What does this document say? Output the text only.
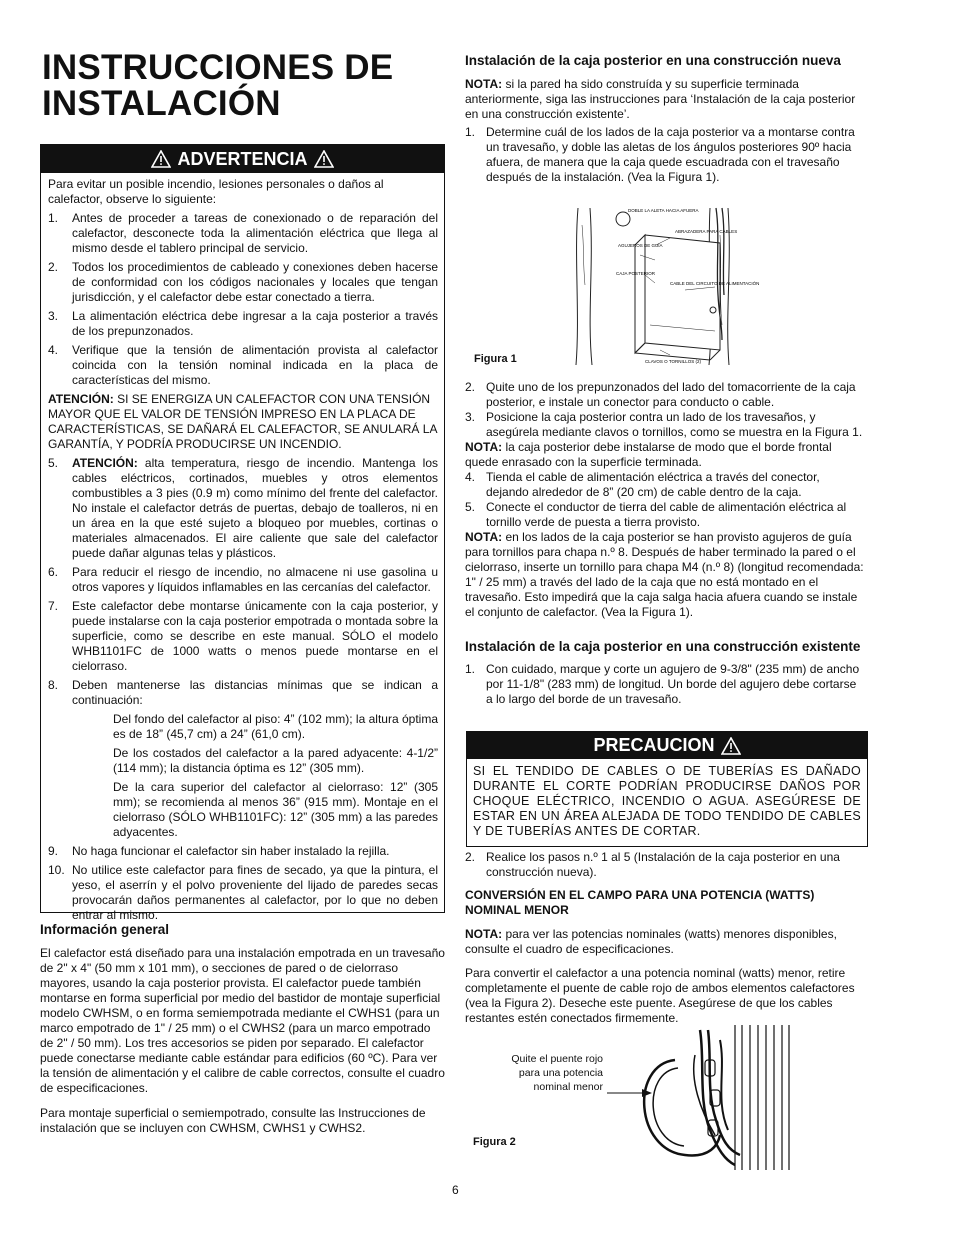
INSTRUCCIONES DE INSTALACIÓN
ADVERTENCIA

Para evitar un posible incendio, lesiones personales o daños al calefactor, observe lo siguiente:

1.	Antes de proceder a tareas de conexionado o de reparación del calefactor, desconecte toda la alimentación eléctrica que llega al mismo desde el tablero principal de servicio.
2.	Todos los procedimientos de cableado y conexiones deben hacerse de conformidad con los códigos nacionales y locales que tengan jurisdicción, y el calefactor debe estar conectado a tierra.
3.	La alimentación eléctrica debe ingresar a la caja posterior a través de los prepunzonados.
4.	Verifique que la tensión de alimentación provista al calefactor coincida con la tensión nominal indicada en la placa de características del mismo.

ATENCIÓN: SI SE ENERGIZA UN CALEFACTOR CON UNA TENSIÓN MAYOR QUE EL VALOR DE TENSIÓN IMPRESO EN LA PLACA DE CARACTERÍSTICAS, SE DAÑARÁ EL CALEFACTOR, SE ANULARÁ LA GARANTÍA, Y PODRÍA PRODUCIRSE UN INCENDIO.

5.	ATENCIÓN: alta temperatura, riesgo de incendio. Mantenga los cables eléctricos, cortinados, muebles y otros elementos combustibles a 3 pies (0.9 m) como mínimo del frente del calefactor. No instale el calefactor detrás de puertas, debajo de toalleros, ni en un área en la que esté sujeto a bloqueo por muebles, cortinas o materiales almacenados. El aire caliente que sale del calefactor puede dañar algunas telas y plásticos.
6.	Para reducir el riesgo de incendio, no almacene ni use gasolina u otros vapores y líquidos inflamables en las cercanías del calefactor.
7.	Este calefactor debe montarse únicamente con la caja posterior, y puede instalarse con la caja posterior empotrada o montada sobre la superficie, como se describe en este manual. SÓLO el modelo WHB1101FC de 1000 watts o menos puede montarse en el cielorraso.
8.	Deben mantenerse las distancias mínimas que se indican a continuación:
Del fondo del calefactor al piso: 4” (102 mm); la altura óptima es de 18” (45,7 cm) a 24” (61,0 cm).
De los costados del calefactor a la pared adyacente: 4-1/2” (114 mm); la distancia óptima es 12” (305 mm).
De la cara superior del calefactor al cielorraso: 12” (305 mm); se recomienda al menos 36” (915 mm). Montaje en el cielorraso (SÓLO WHB1101FC): 12” (305 mm) a las paredes adyacentes.
9.	No haga funcionar el calefactor sin haber instalado la rejilla.
10. No utilice este calefactor para fines de secado, ya que la pintura, el yeso, el aserrín y el polvo proveniente del lijado de paredes secas provocarán daños permanentes al calefactor, por lo que no deben entrar al mismo.

Información general

El calefactor está diseñado para una instalación empotrada en un travesaño de 2" x 4" (50 mm x 101 mm), o secciones de pared o de cielorraso mayores, usando la caja posterior provista. El calefactor puede también montarse en forma superficial por medio del bastidor de montaje superficial modelo CWHSM, o en forma semiempotrada mediante el CWHS1 (para un marco empotrado de 1" / 25 mm) o el CWHS2 (para un marco empotrado de 2" / 50 mm). Los tres accesorios se piden por separado. El calefactor puede conectarse mediante cable estándar para edificios (60 ºC). Para ver la tensión de alimentación y el calibre de cable correctos, consulte el cuadro de especificaciones.

Para montaje superficial o semiempotrado, consulte las Instrucciones de instalación que se incluyen con CWHSM, CWHS1 y CWHS2.

Instalación de la caja posterior en una construcción nueva

NOTA: si la pared ha sido construída y su superficie terminada anteriormente, siga las instrucciones para ‘Instalación de la caja posterior en una construcción existente’.

1. Determine cuál de los lados de la caja posterior va a montarse contra un travesaño, y doble las aletas de los ángulos posteriores 90º hacia afuera, de manera que la caja quede escuadrada con el travesaño después de la instalación. (Vea la Figura 1).
DOBLE LA ALETA HACIA AFUERA
ABRAZADERA PARA CABLES
AGUJEROS DE GUÍA
CAJA POSTERIOR
CABLE DEL CIRCUITO DE ALIMENTACIÓN
CLAVOS O TORNILLOS (2)
Figura 1
2. Quite uno de los prepunzonados del lado del tomacorriente de la caja posterior, e instale un conector para conducto o cable.
3. Posicione la caja posterior contra un lado de los travesaños, y asegúrela mediante clavos o tornillos, como se muestra en la Figura 1.

NOTA: la caja posterior debe instalarse de modo que el borde frontal quede enrasado con la superficie terminada.

4. Tienda el cable de alimentación eléctrica a través del conector, dejando alrededor de 8” (20 cm) de cable dentro de la caja.
5. Conecte el conductor de tierra del cable de alimentación eléctrica al tornillo verde de puesta a tierra provisto.

NOTA: en los lados de la caja posterior se han provisto agujeros de guía para tornillos para chapa n.º 8. Después de haber terminado la pared o el cielorraso, inserte un tornillo para chapa M4 (n.º 8) (longitud recomendada: 1" / 25 mm) a través del lado de la caja que no está montado en el travesaño. Esto impedirá que la caja salga hacia afuera cuando se instale el conjunto de calefactor. (Vea la Figura 1).

Instalación de la caja posterior en una construcción existente

1. Con cuidado, marque y corte un agujero de 9-3/8" (235 mm) de ancho por 11-1/8" (283 mm) de longitud. Un borde del agujero debe cortarse a lo largo del borde de un travesaño.
PRECAUCION
SI EL TENDIDO DE CABLES O DE TUBERÍAS ES DAÑADO DURANTE EL CORTE PODRÍAN PRODUCIRSE DAÑOS POR CHOQUE ELÉCTRICO, INCENDIO O AGUA. ASEGÚRESE DE ESTAR EN UN ÁREA ALEJADA DE TODO TENDIDO DE CABLES Y DE TUBERÍAS ANTES DE CORTAR.
2. Realice los pasos n.º 1 al 5 (Instalación de la caja posterior en una construcción nueva).

CONVERSIÓN EN EL CAMPO PARA UNA POTENCIA (WATTS) NOMINAL MENOR

NOTA: para ver las potencias nominales (watts) menores disponibles, consulte el cuadro de especificaciones.

Para convertir el calefactor a una potencia nominal (watts) menor, retire completamente el puente de cable rojo de ambos elementos calefactores (vea la Figura 2). Deseche este puente. Asegúrese de que los cables restantes estén conectados firmemente.

Quite el puente rojo
para una potencia
nominal menor
Figura 2
6
